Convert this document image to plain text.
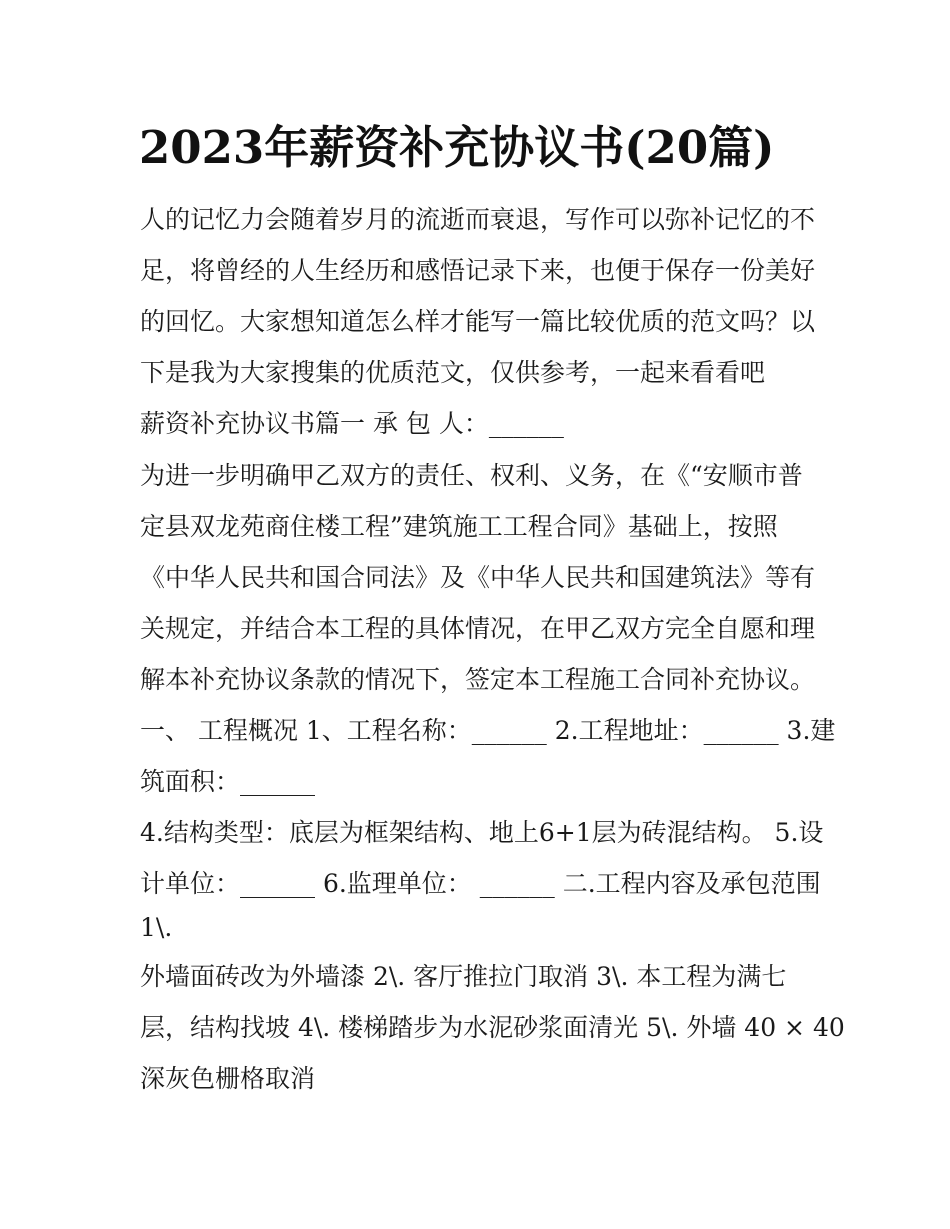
2023年薪资补充协议书(20篇)

人的记忆力会随着岁月的流逝而衰退，写作可以弥补记忆的不

足，将曾经的人生经历和感悟记录下来，也便于保存一份美好

的回忆。大家想知道怎么样才能写一篇比较优质的范文吗？以

下是我为大家搜集的优质范文，仅供参考，一起来看看吧

薪资补充协议书篇一 承 包 人：______

为进一步明确甲乙双方的责任、权利、义务，在《“安顺市普

定县双龙苑商住楼工程”建筑施工工程合同》基础上，按照

《中华人民共和国合同法》及《中华人民共和国建筑法》等有

关规定，并结合本工程的具体情况，在甲乙双方完全自愿和理

解本补充协议条款的情况下，签定本工程施工合同补充协议。

一、 工程概况 1、工程名称：______ 2.工程地址：______ 3.建

筑面积：______

4.结构类型：底层为框架结构、地上6+1层为砖混结构。 5.设

计单位：______ 6.监理单位： ______ 二.工程内容及承包范围

1\.

外墙面砖改为外墙漆 2\. 客厅推拉门取消 3\. 本工程为满七

层，结构找坡 4\. 楼梯踏步为水泥砂浆面清光 5\. 外墙 40 × 40

深灰色栅格取消
